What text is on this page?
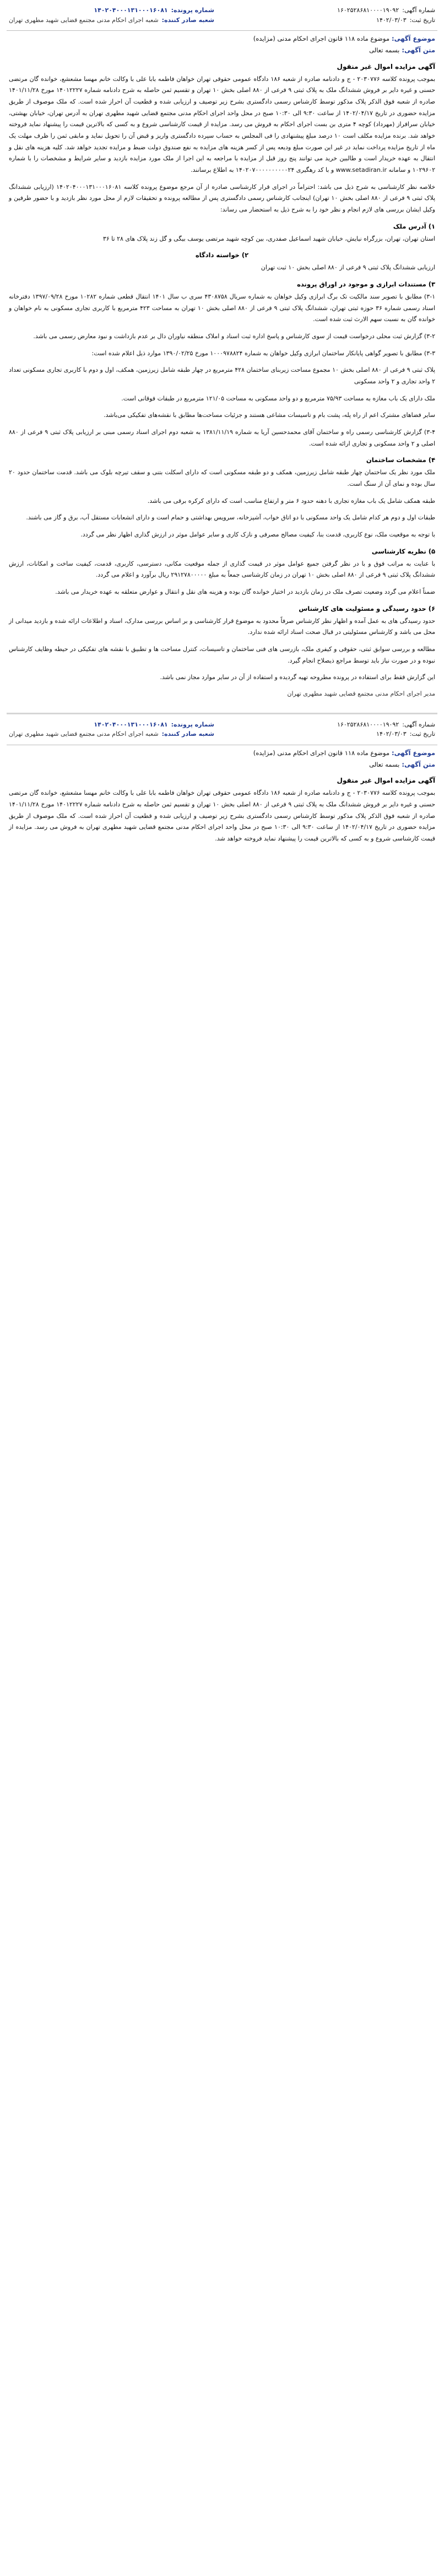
شماره آگهی:
۱۶۰۲۵۲۸۶۸۱۰۰۰۰۱۹۰۹۲
تاریخ ثبت:
۱۴۰۲/۰۳/۰۳
شماره پرونده:
۱۴۰۲۰۴۰۰۰۱۳۱۰۰۰۱۶۰۸۱
شعبه صادر کننده:
شعبه اجرای احکام مدنی مجتمع قضایی شهید مطهری تهران
موضوع آگهی:موضوع ماده ۱۱۸ قانون اجرای احکام مدنی (مزایده)
متن آگهی:بسمه تعالی
آگهی مزایده اموال غیر منقول

بموجب پرونده کلاسه ۲۰۳۰۷۷۶ - ج و دادنامه صادره از شعبه ۱۸۶ دادگاه عمومی حقوقی تهران خواهان فاطمه بابا علی با وکالت خانم مهسا مشعشع، خوانده گان مرتضی حسنی و غیره دایر بر فروش ششدانگ ملک به پلاک ثبتی ۹ فرعی از ۸۸۰ اصلی بخش ۱۰ تهران و تقسیم ثمن حاصله به شرح دادنامه شماره ۱۴۰۱۲۲۲۷ مورخ ۱۴۰۱/۱۱/۲۸ صادره از شعبه فوق الذکر پلاک مذکور توسط کارشناس رسمی دادگستری بشرح زیر توصیف و ارزیابی شده و قطعیت آن احراز شده است. که ملک موصوف از طریق مزایده حضوری در تاریخ ۱۴۰۲/۰۴/۱۷ از ساعت ۹:۳۰ الی ۱۰:۳۰ صبح در محل واحد اجرای احکام مدنی مجتمع قضایی شهید مطهری تهران به آدرس تهران، خیابان بهشتی، خیابان سرافراز (مهرداد) کوچه ۴ متری بن بست اجرای احکام به فروش می رسد. مزایده از قیمت کارشناسی شروع و به کسی که بالاترین قیمت را پیشنهاد نماید فروخته خواهد شد. برنده مزایده مکلف است ۱۰ درصد مبلغ پیشنهادی را فی المجلس به حساب سپرده دادگستری واریز و قبض آن را تحویل نماید و مابقی ثمن را ظرف مهلت یک ماه از تاریخ مزایده پرداخت نماید در غیر این صورت مبلغ ودیعه پس از کسر هزینه های مزایده به نفع صندوق دولت ضبط و مزایده تجدید خواهد شد. کلیه هزینه های نقل و انتقال به عهده خریدار است و طالبین خرید می توانند پنج روز قبل از مزایده با مراجعه به این اجرا از ملک مورد مزایده بازدید و سایر شرایط و مشخصات را با شماره ۱۰۲۹۶۰۲ و سامانه www.setadiran.ir و با کد رهگیری ۱۴۰۲۰۷۰۰۰۰۰۰۰۰۰۰۲۴ به اطلاع برسانند.

خلاصه نظر کارشناسی به شرح ذیل می باشد: احتراماً در اجرای قرار کارشناسی صادره از آن مرجع موضوع پرونده کلاسه ۱۴۰۲۰۴۰۰۰۱۳۱۰۰۰۱۶۰۸۱ (ارزیابی ششدانگ پلاک ثبتی ۹ فرعی از ۸۸۰ اصلی بخش ۱۰ تهران) اینجانب کارشناس رسمی دادگستری پس از مطالعه پرونده و تحقیقات لازم از محل مورد نظر بازدید و با حضور طرفین و وکیل ایشان بررسی های لازم انجام و نظر خود را به شرح ذیل به استحضار می رساند:

۱) آدرس ملک

استان تهران، تهران، بزرگراه نیایش، خیابان شهید اسماعیل صفدری، بین کوچه شهید مرتضی یوسف بیگی و گل زند پلاک های ۲۸ تا ۳۶

۲) خواسته دادگاه

ارزیابی ششدانگ پلاک ثبتی ۹ فرعی از ۸۸۰ اصلی بخش ۱۰ ثبت تهران

۳) مستندات ابرازی و موجود در اوراق پرونده

۳-۱) مطابق با تصویر سند مالکیت تک برگ ابرازی وکیل خواهان به شماره سریال ۴۳۰۸۷۵۸ سری ب سال ۱۴۰۱ انتقال قطعی شماره ۱۰۲۸۲ مورخ ۱۳۹۷/۰۹/۲۸ دفترخانه اسناد رسمی شماره ۳۶ حوزه ثبتی تهران، ششدانگ پلاک ثبتی ۹ فرعی از ۸۸۰ اصلی بخش ۱۰ تهران به مساحت ۴۲۳ مترمربع با کاربری تجاری مسکونی به نام خواهان و خوانده گان به نسبت سهم الارث ثبت شده است.

۳-۲) گزارش ثبت محلی درخواست قیمت از سوی کارشناس و پاسخ اداره ثبت اسناد و املاک منطقه نیاوران دال بر عدم بازداشت و نبود معارض رسمی می باشد.

۳-۳) مطابق با تصویر گواهی پایانکار ساختمان ابرازی وکیل خواهان به شماره ۱۰۰۰۹۷۸۸۲۴ مورخ ۱۳۹۰/۰۲/۲۵ موارد ذیل اعلام شده است:

پلاک ثبتی ۹ فرعی از ۸۸۰ اصلی بخش ۱۰ مجموع مساحت زیربنای ساختمان ۴۲۸ مترمربع در چهار طبقه شامل زیرزمین، همکف، اول و دوم با کاربری تجاری مسکونی تعداد ۲ واحد تجاری و ۲ واحد مسکونی

ملک دارای یک باب مغازه به مساحت ۷۵/۹۳ مترمربع و دو واحد مسکونی به مساحت ۱۲۱/۰۵ مترمربع در طبقات فوقانی است.

سایر فضاهای مشترک اعم از راه پله، پشت بام و تاسیسات مشاعی هستند و جزئیات مساحت‌ها مطابق با نقشه‌های تفکیکی می‌باشد.

۳-۴) گزارش کارشناسی رسمی راه و ساختمان آقای محمدحسین آریا به شماره ۱۳۸۱/۱۱/۱۹ به شعبه دوم اجرای اسناد رسمی مبنی بر ارزیابی پلاک ثبتی ۹ فرعی از ۸۸۰ اصلی و ۲ واحد مسکونی و تجاری ارائه شده است.

۴) مشخصات ساختمان

ملک مورد نظر یک ساختمان چهار طبقه شامل زیرزمین، همکف و دو طبقه مسکونی است که دارای اسکلت بتنی و سقف تیرچه بلوک می باشد. قدمت ساختمان حدود ۲۰ سال بوده و نمای آن از سنگ است.

طبقه همکف شامل یک باب مغازه تجاری با دهنه حدود ۶ متر و ارتفاع مناسب است که دارای کرکره برقی می باشد.

طبقات اول و دوم هر کدام شامل یک واحد مسکونی با دو اتاق خواب، آشپزخانه، سرویس بهداشتی و حمام است و دارای انشعابات مستقل آب، برق و گاز می باشند.

با توجه به موقعیت ملک، نوع کاربری، قدمت بنا، کیفیت مصالح مصرفی و نازک کاری و سایر عوامل موثر در ارزش گذاری اظهار نظر می گردد.

۵) نظریه کارشناسی

با عنایت به مراتب فوق و با در نظر گرفتن جمیع عوامل موثر در قیمت گذاری از جمله موقعیت مکانی، دسترسی، کاربری، قدمت، کیفیت ساخت و امکانات، ارزش ششدانگ پلاک ثبتی ۹ فرعی از ۸۸۰ اصلی بخش ۱۰ تهران در زمان کارشناسی جمعاً به مبلغ ۲۹۱۲۷۸۰۰۰۰۰ ریال برآورد و اعلام می گردد.

ضمناً اعلام می گردد وضعیت تصرف ملک در زمان بازدید در اختیار خوانده گان بوده و هزینه های نقل و انتقال و عوارض متعلقه به عهده خریدار می باشد.

۶) حدود رسیدگی و مسئولیت های کارشناس

حدود رسیدگی های به عمل آمده و اظهار نظر کارشناس صرفاً محدود به موضوع قرار کارشناسی و بر اساس بررسی مدارک، اسناد و اطلاعات ارائه شده و بازدید میدانی از محل می باشد و کارشناس مسئولیتی در قبال صحت اسناد ارائه شده ندارد.

مطالعه و بررسی سوابق ثبتی، حقوقی و کیفری ملک، بازرسی های فنی ساختمان و تاسیسات، کنترل مساحت ها و تطبیق با نقشه های تفکیکی در حیطه وظایف کارشناس نبوده و در صورت نیاز باید توسط مراجع ذیصلاح انجام گیرد.

این گزارش فقط برای استفاده در پرونده مطروحه تهیه گردیده و استفاده از آن در سایر موارد مجاز نمی باشد.

مدیر اجرای احکام مدنی مجتمع قضایی شهید مطهری تهران
شماره آگهی:
۱۶۰۲۵۲۸۶۸۱۰۰۰۰۱۹۰۹۲
تاریخ ثبت:
۱۴۰۲/۰۳/۰۳
شماره پرونده:
۱۴۰۲۰۴۰۰۰۱۳۱۰۰۰۱۶۰۸۱
شعبه صادر کننده:
شعبه اجرای احکام مدنی مجتمع قضایی شهید مطهری تهران
موضوع آگهی:موضوع ماده ۱۱۸ قانون اجرای احکام مدنی (مزایده)
متن آگهی:بسمه تعالی
آگهی مزایده اموال غیر منقول

بموجب پرونده کلاسه ۲۰۳۰۷۷۶ - ج و دادنامه صادره از شعبه ۱۸۶ دادگاه عمومی حقوقی تهران خواهان فاطمه بابا علی با وکالت خانم مهسا مشعشع، خوانده گان مرتضی حسنی و غیره دایر بر فروش ششدانگ ملک به پلاک ثبتی ۹ فرعی از ۸۸۰ اصلی بخش ۱۰ تهران و تقسیم ثمن حاصله به شرح دادنامه شماره ۱۴۰۱۲۲۲۷ مورخ ۱۴۰۱/۱۱/۲۸ صادره از شعبه فوق الذکر پلاک مذکور توسط کارشناس رسمی دادگستری بشرح زیر توصیف و ارزیابی شده و قطعیت آن احراز شده است. که ملک موصوف از طریق مزایده حضوری در تاریخ ۱۴۰۲/۰۴/۱۷ از ساعت ۹:۳۰ الی ۱۰:۳۰ صبح در محل واحد اجرای احکام مدنی مجتمع قضایی شهید مطهری تهران به فروش می رسد. مزایده از قیمت کارشناسی شروع و به کسی که بالاترین قیمت را پیشنهاد نماید فروخته خواهد شد.
